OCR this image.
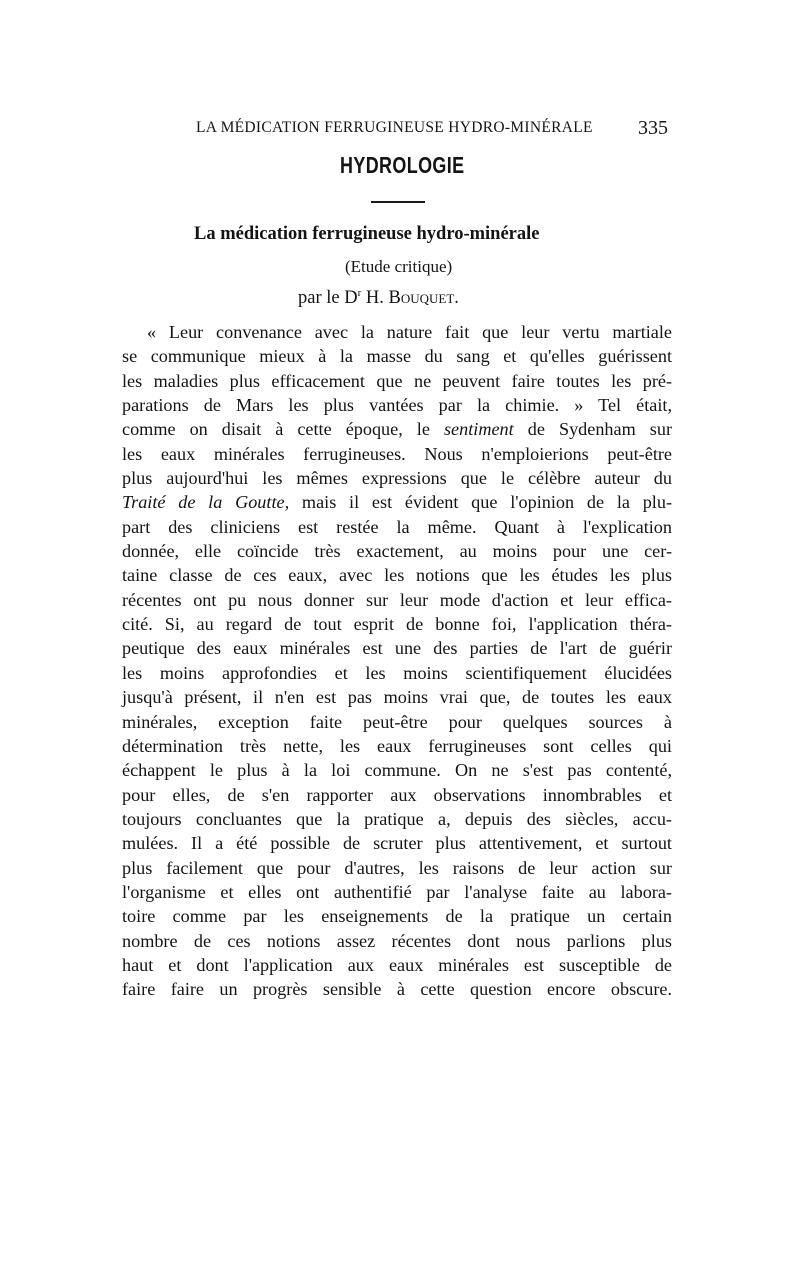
LA MÉDICATION FERRUGINEUSE HYDRO-MINÉRALE 335
HYDROLOGIE
La médication ferrugineuse hydro-minérale
(Etude critique)
par le $D^r$ H. Bouquet.
« Leur convenance avec la nature fait que leur vertu martiale
se communique mieux à la masse du sang et qu'elles guérissent
les maladies plus efficacement que ne peuvent faire toutes les pré-
parations de Mars les plus vantées par la chimie. » Tel était,
comme on disait à cette époque, le sentiment de Sydenham sur
les eaux minérales ferrugineuses. Nous n'emploierions peut-être
plus aujourd'hui les mêmes expressions que le célèbre auteur du
Traité de la Goutte, mais il est évident que l'opinion de la plu-
part des cliniciens est restée la même. Quant à l'explication
donnée, elle coïncide très exactement, au moins pour une cer-
taine classe de ces eaux, avec les notions que les études les plus
récentes ont pu nous donner sur leur mode d'action et leur effica-
cité. Si, au regard de tout esprit de bonne foi, l'application théra-
peutique des eaux minérales est une des parties de l'art de guérir
les moins approfondies et les moins scientifiquement élucidées
jusqu'à présent, il n'en est pas moins vrai que, de toutes les eaux
minérales, exception faite peut-être pour quelques sources à
détermination très nette, les eaux ferrugineuses sont celles qui
échappent le plus à la loi commune. On ne s'est pas contenté,
pour elles, de s'en rapporter aux observations innombrables et
toujours concluantes que la pratique a, depuis des siècles, accu-
mulées. Il a été possible de scruter plus attentivement, et surtout
plus facilement que pour d'autres, les raisons de leur action sur
l'organisme et elles ont authentifié par l'analyse faite au labora-
toire comme par les enseignements de la pratique un certain
nombre de ces notions assez récentes dont nous parlions plus
haut et dont l'application aux eaux minérales est susceptible de
faire faire un progrès sensible à cette question encore obscure.
